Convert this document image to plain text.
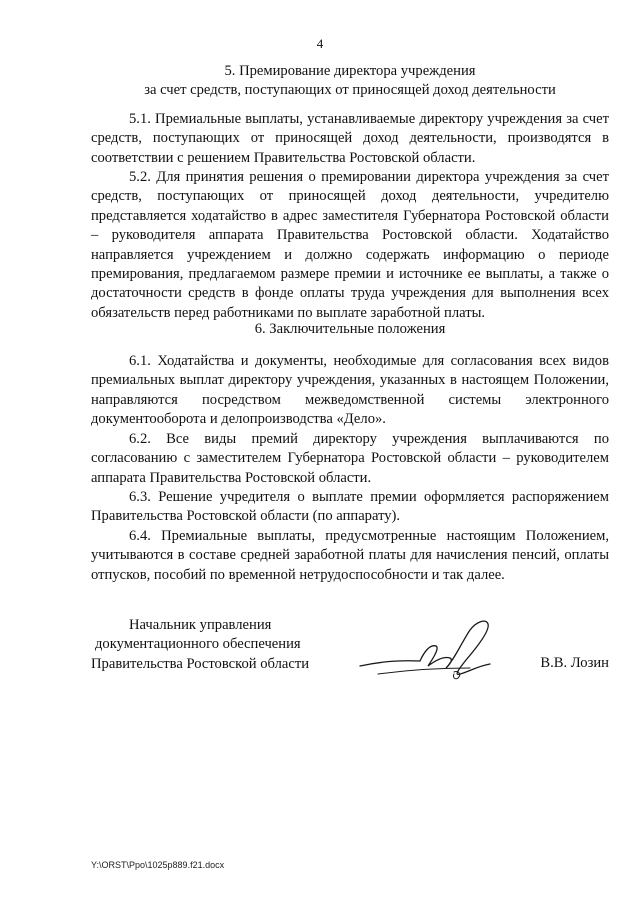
4
5. Премирование директора учреждения
за счет средств, поступающих от приносящей доход деятельности

5.1. Премиальные выплаты, устанавливаемые директору учреждения за счет средств, поступающих от приносящей доход деятельности, производятся в соответствии с решением Правительства Ростовской области.

5.2. Для принятия решения о премировании директора учреждения за счет средств, поступающих от приносящей доход деятельности, учредителю представляется ходатайство в адрес заместителя Губернатора Ростовской области – руководителя аппарата Правительства Ростовской области. Ходатайство направляется учреждением и должно содержать информацию о периоде премирования, предлагаемом размере премии и источнике ее выплаты, а также о достаточности средств в фонде оплаты труда учреждения для выполнения всех обязательств перед работниками по выплате заработной платы.

6. Заключительные положения

6.1. Ходатайства и документы, необходимые для согласования всех видов премиальных выплат директору учреждения, указанных в настоящем Положении, направляются посредством межведомственной системы электронного документооборота и делопроизводства «Дело».

6.2. Все виды премий директору учреждения выплачиваются по согласованию с заместителем Губернатора Ростовской области – руководителем аппарата Правительства Ростовской области.

6.3. Решение учредителя о выплате премии оформляется распоряжением Правительства Ростовской области (по аппарату).

6.4. Премиальные выплаты, предусмотренные настоящим Положением, учитываются в составе средней заработной платы для начисления пенсий, оплаты отпусков, пособий по временной нетрудоспособности и так далее.

Начальник управления
документационного обеспечения
Правительства Ростовской области	В.В. Лозин
Y:\ORST\Ppo\1025p889.f21.docx
